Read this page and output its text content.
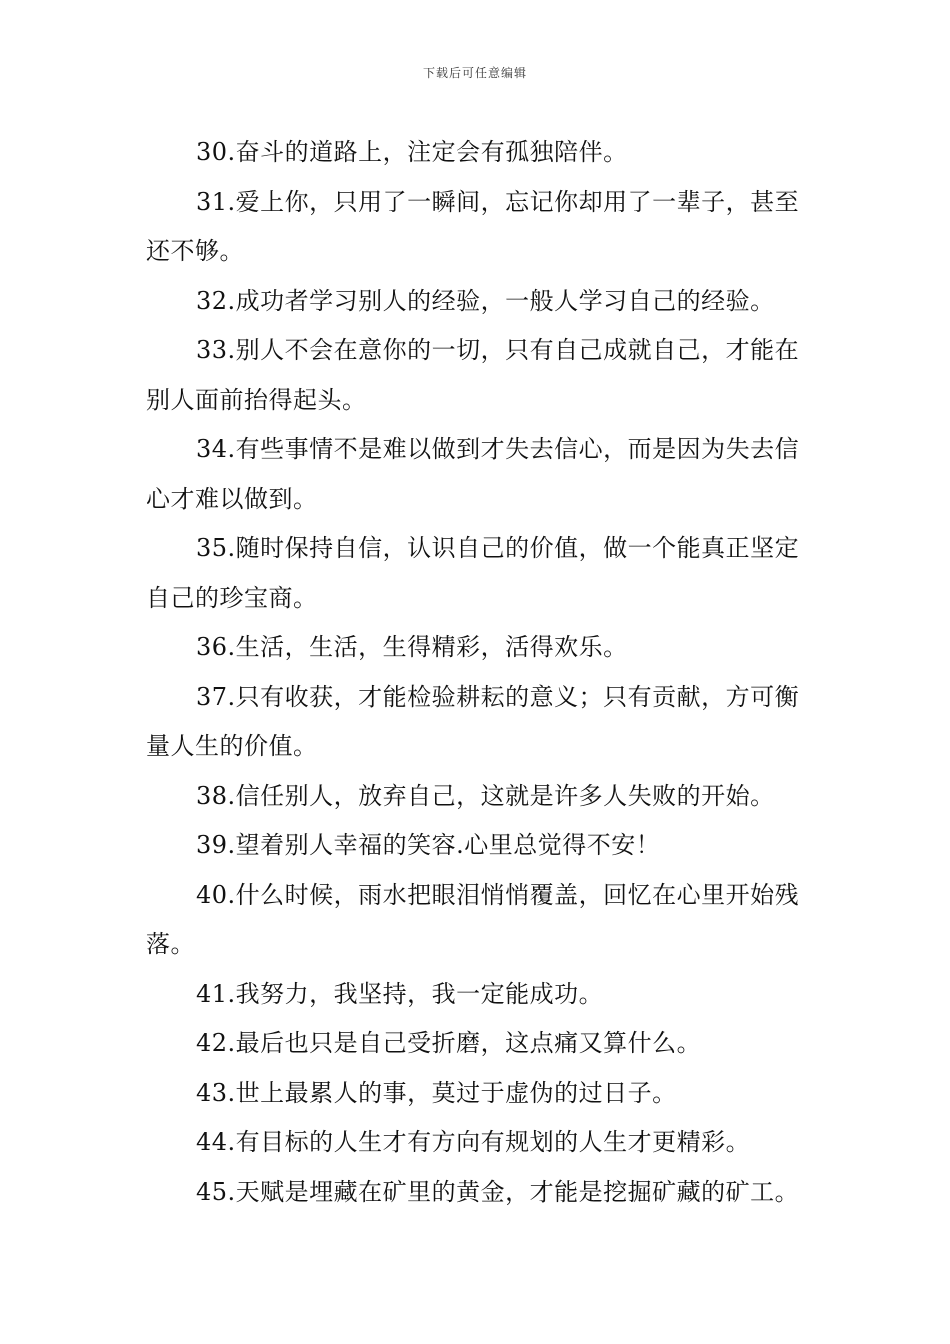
下载后可任意编辑

30.奋斗的道路上，注定会有孤独陪伴。

31.爱上你，只用了一瞬间，忘记你却用了一辈子，甚至还不够。

32.成功者学习别人的经验，一般人学习自己的经验。

33.别人不会在意你的一切，只有自己成就自己，才能在别人面前抬得起头。

34.有些事情不是难以做到才失去信心，而是因为失去信心才难以做到。

35.随时保持自信，认识自己的价值，做一个能真正坚定自己的珍宝商。

36.生活，生活，生得精彩，活得欢乐。

37.只有收获，才能检验耕耘的意义；只有贡献，方可衡量人生的价值。

38.信任别人，放弃自己，这就是许多人失败的开始。

39.望着别人幸福的笑容.心里总觉得不安！

40.什么时候，雨水把眼泪悄悄覆盖，回忆在心里开始残落。

41.我努力，我坚持，我一定能成功。

42.最后也只是自己受折磨，这点痛又算什么。

43.世上最累人的事，莫过于虚伪的过日子。

44.有目标的人生才有方向有规划的人生才更精彩。

45.天赋是埋藏在矿里的黄金，才能是挖掘矿藏的矿工。
